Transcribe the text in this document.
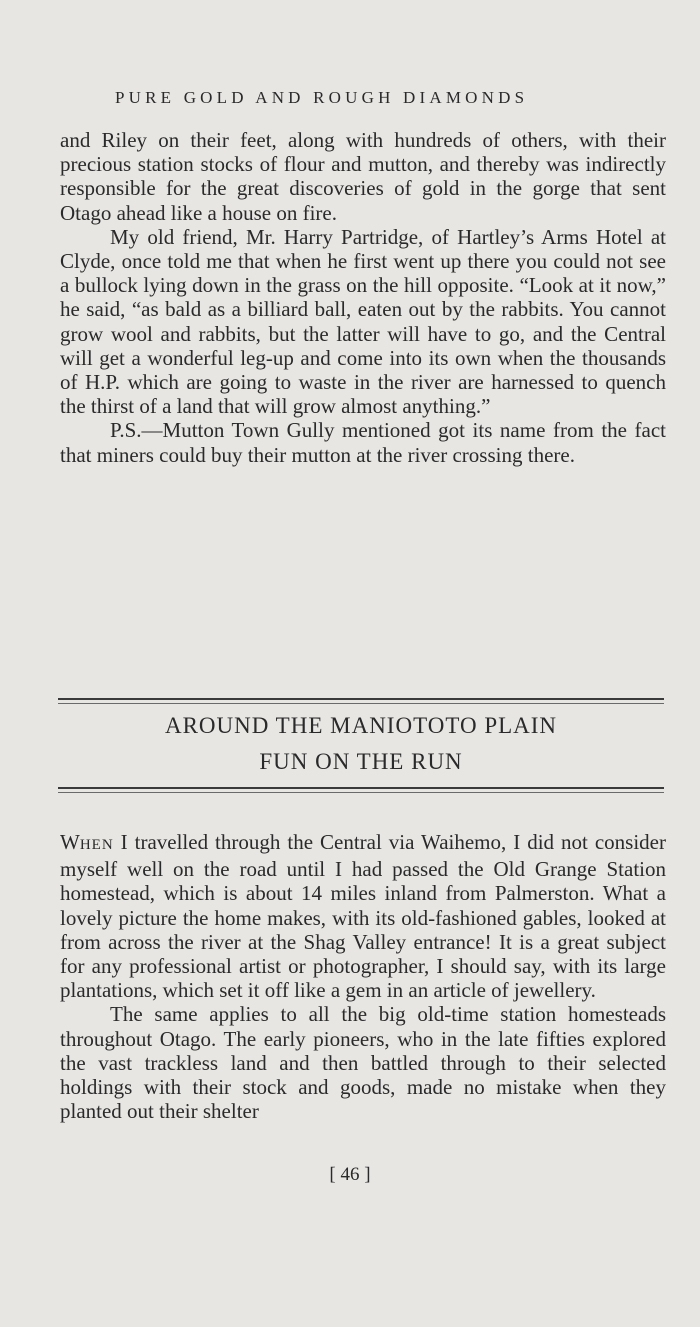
PURE GOLD AND ROUGH DIAMONDS

and Riley on their feet, along with hundreds of others, with their precious station stocks of flour and mutton, and thereby was indirectly responsible for the great discoveries of gold in the gorge that sent Otago ahead like a house on fire.

My old friend, Mr. Harry Partridge, of Hartley’s Arms Hotel at Clyde, once told me that when he first went up there you could not see a bullock lying down in the grass on the hill opposite. “Look at it now,” he said, “as bald as a billiard ball, eaten out by the rabbits. You cannot grow wool and rabbits, but the latter will have to go, and the Central will get a wonderful leg-up and come into its own when the thousands of H.P. which are going to waste in the river are harnessed to quench the thirst of a land that will grow almost anything.”

P.S.—Mutton Town Gully mentioned got its name from the fact that miners could buy their mutton at the river crossing there.

AROUND THE MANIOTOTO PLAIN
FUN ON THE RUN

WHEN I travelled through the Central via Waihemo, I did not consider myself well on the road until I had passed the Old Grange Station homestead, which is about 14 miles inland from Palmerston. What a lovely picture the home makes, with its old-fashioned gables, looked at from across the river at the Shag Valley entrance! It is a great subject for any professional artist or photographer, I should say, with its large plantations, which set it off like a gem in an article of jewellery.

The same applies to all the big old-time station homesteads throughout Otago. The early pioneers, who in the late fifties explored the vast trackless land and then battled through to their selected holdings with their stock and goods, made no mistake when they planted out their shelter

[ 46 ]
